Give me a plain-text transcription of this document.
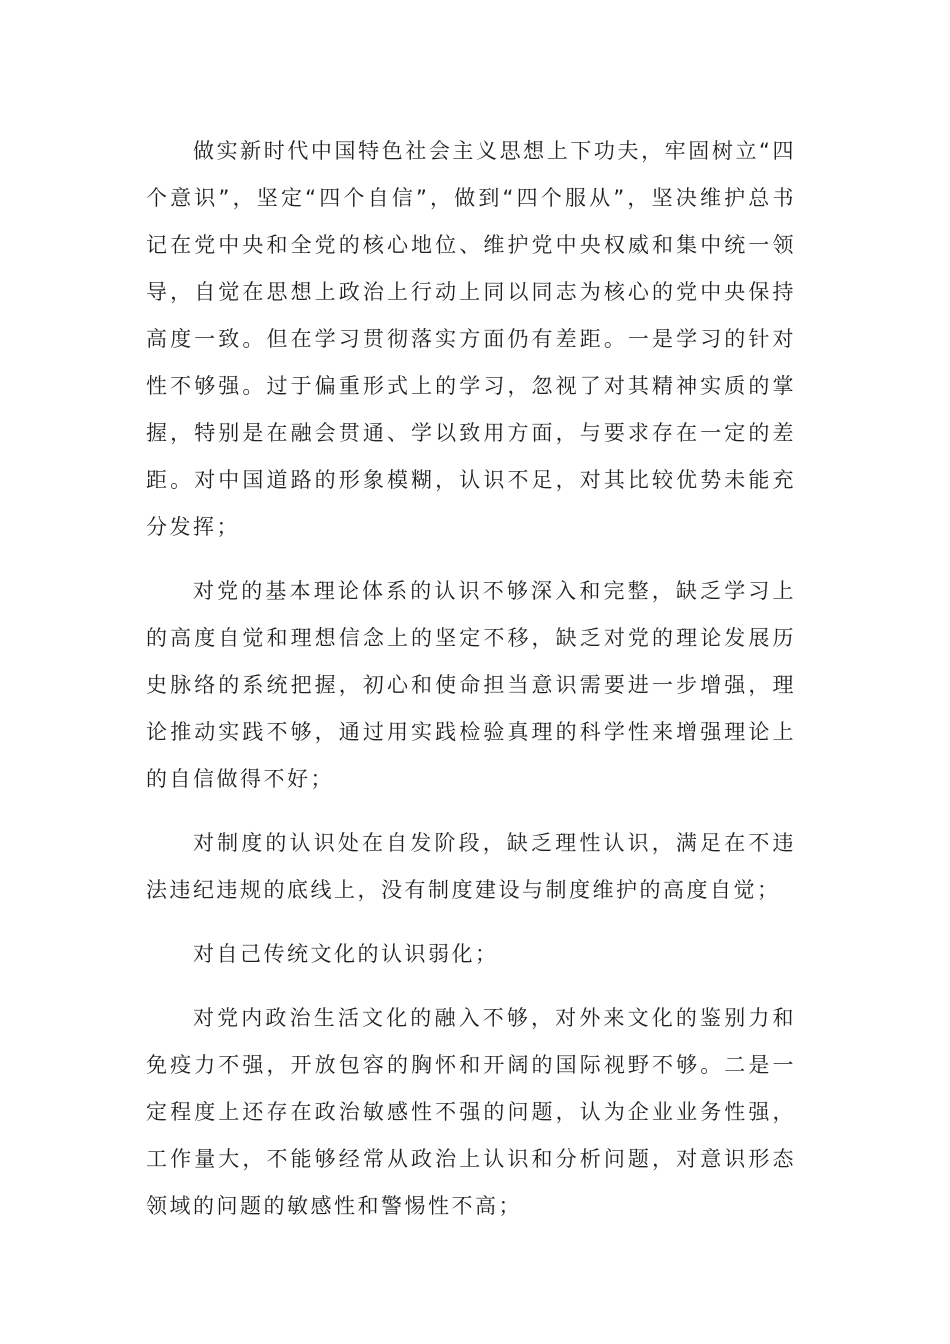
做实新时代中国特色社会主义思想上下功夫，牢固树立“四个意识”，坚定“四个自信”，做到“四个服从”，坚决维护总书记在党中央和全党的核心地位、维护党中央权威和集中统一领导，自觉在思想上政治上行动上同以同志为核心的党中央保持高度一致。但在学习贯彻落实方面仍有差距。一是学习的针对性不够强。过于偏重形式上的学习，忽视了对其精神实质的掌握，特别是在融会贯通、学以致用方面，与要求存在一定的差距。对中国道路的形象模糊，认识不足，对其比较优势未能充分发挥；

对党的基本理论体系的认识不够深入和完整，缺乏学习上的高度自觉和理想信念上的坚定不移，缺乏对党的理论发展历史脉络的系统把握，初心和使命担当意识需要进一步增强，理论推动实践不够，通过用实践检验真理的科学性来增强理论上的自信做得不好；

对制度的认识处在自发阶段，缺乏理性认识，满足在不违法违纪违规的底线上，没有制度建设与制度维护的高度自觉；

对自己传统文化的认识弱化；

对党内政治生活文化的融入不够，对外来文化的鉴别力和免疫力不强，开放包容的胸怀和开阔的国际视野不够。二是一定程度上还存在政治敏感性不强的问题，认为企业业务性强，工作量大，不能够经常从政治上认识和分析问题，对意识形态领域的问题的敏感性和警惕性不高；
